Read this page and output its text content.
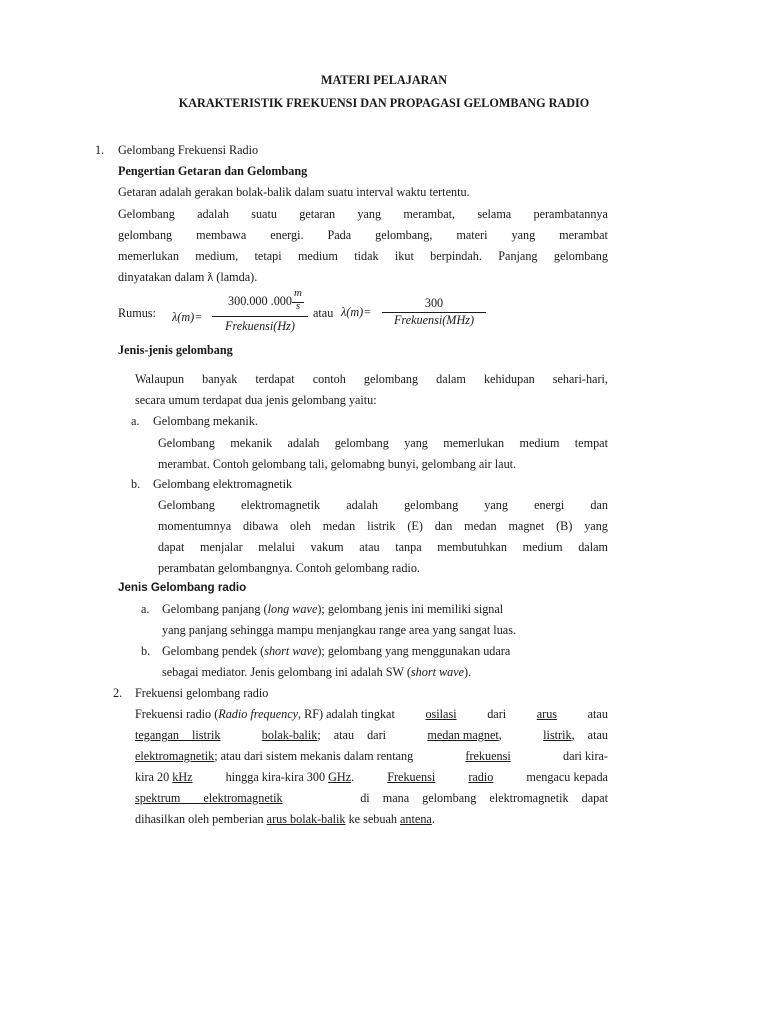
MATERI PELAJARAN
KARAKTERISTIK FREKUENSI DAN PROPAGASI GELOMBANG RADIO
1. Gelombang Frekuensi Radio
Pengertian Getaran dan Gelombang
Getaran adalah gerakan bolak-balik dalam suatu interval waktu tertentu.
Gelombang adalah suatu getaran yang merambat, selama perambatannya
gelombang membawa energi. Pada gelombang, materi yang merambat
memerlukan medium, tetapi medium tidak ikut berpindah. Panjang gelombang
dinyatakan dalam ƛ (lamda).
Rumus: λ(m)=
300.000 .000
m
s
Frekuensi(Hz)
atau λ(m)=
300
Frekuensi(MHz)
Jenis-jenis gelombang
Walaupun banyak terdapat contoh gelombang dalam kehidupan sehari-hari,
secara umum terdapat dua jenis gelombang yaitu:
a. Gelombang mekanik.
Gelombang mekanik adalah gelombang yang memerlukan medium tempat
merambat. Contoh gelombang tali, gelomabng bunyi, gelombang air laut.
b. Gelombang elektromagnetik
Gelombang elektromagnetik adalah gelombang yang energi dan
momentumnya dibawa oleh medan listrik (E) dan medan magnet (B) yang
dapat menjalar melalui vakum atau tanpa membutuhkan medium dalam
perambatan gelombangnya. Contoh gelombang radio.
Jenis Gelombang radio
a. Gelombang panjang (long wave); gelombang jenis ini memiliki signal
yang panjang sehingga mampu menjangkau range area yang sangat luas.
b. Gelombang pendek (short wave); gelombang yang menggunakan udara
sebagai mediator. Jenis gelombang ini adalah SW (short wave).
2. Frekuensi gelombang radio
Frekuensi radio (Radio frequency, RF) adalah tingkat	osilasi	dari	arus	atau
tegangan listrik	bolak-balik; atau dari	medan magnet,	listrik, atau
elektromagnetik; atau dari sistem mekanis dalam rentang	frekuensi	dari kira-
kira 20 kHz	hingga kira-kira 300 GHz.	Frekuensi	radio	mengacu kepada
spektrum elektromagnetik	di mana gelombang elektromagnetik dapat
dihasilkan oleh pemberian arus bolak-balik ke sebuah antena.
